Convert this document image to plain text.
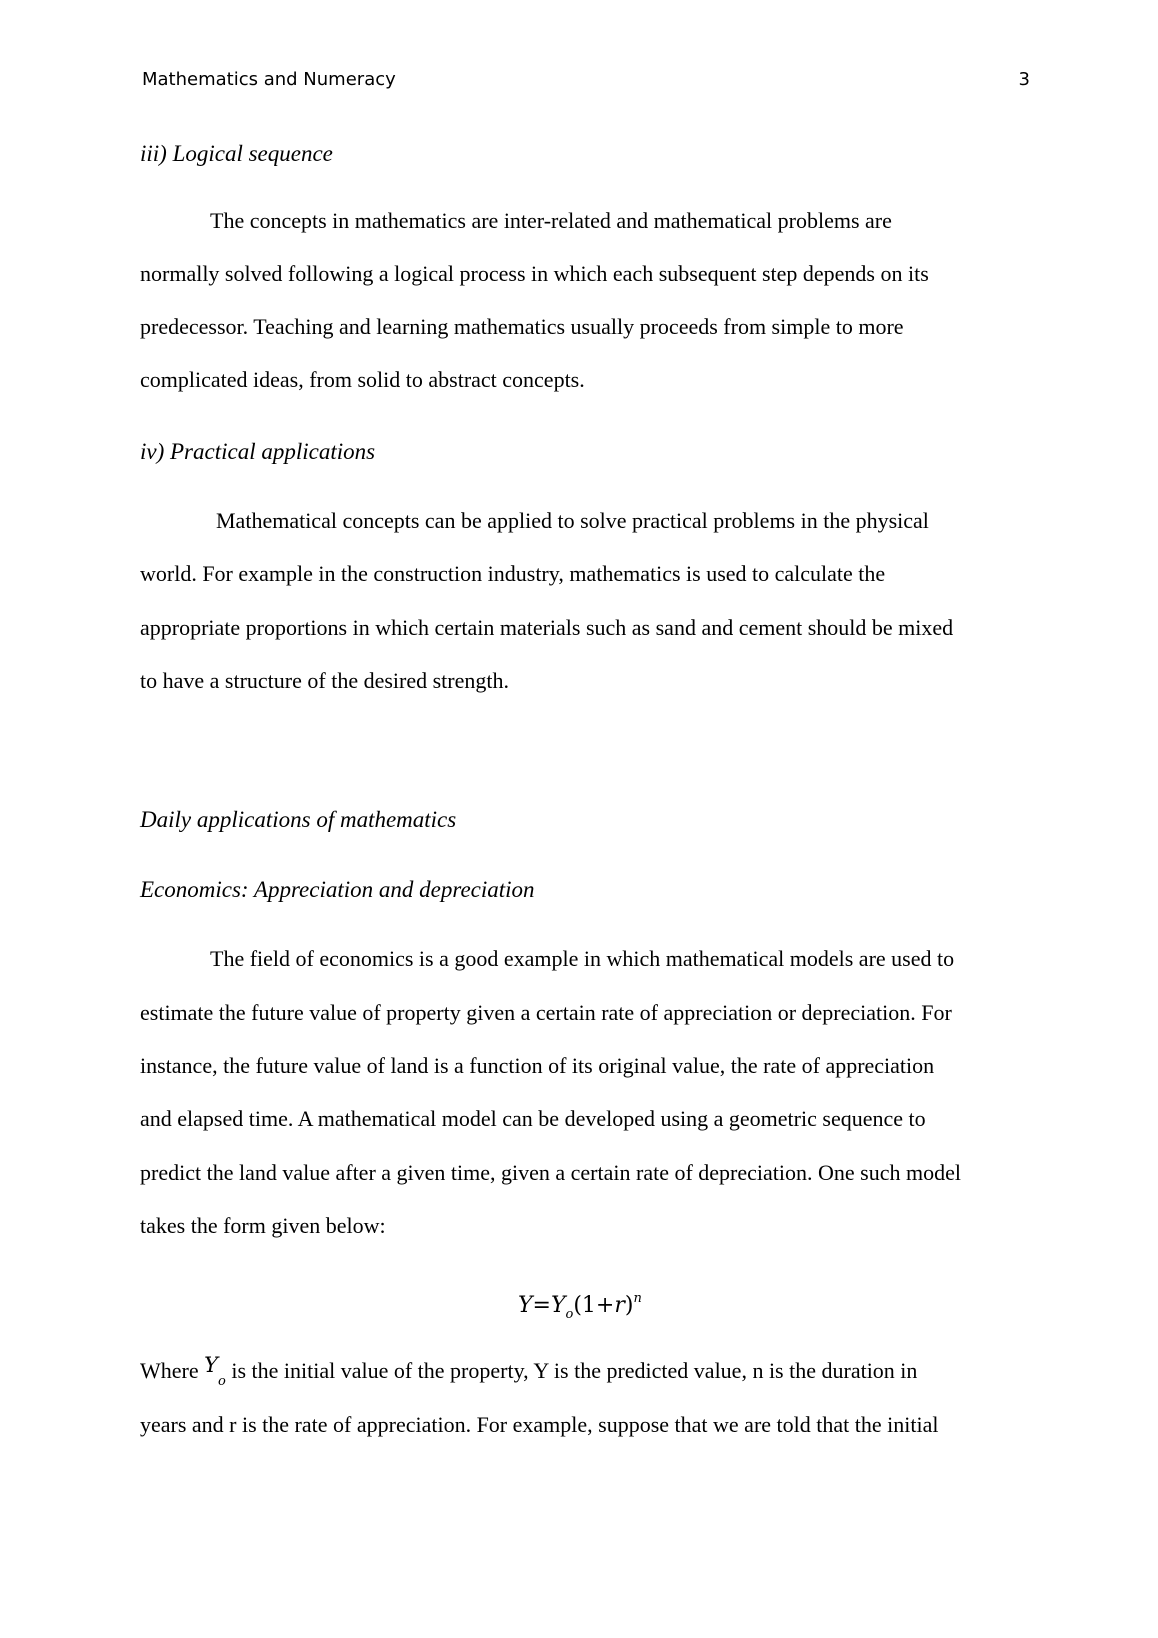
Mathematics and Numeracy	3
iii) Logical sequence
The concepts in mathematics are inter-related and mathematical problems are
normally solved following a logical process in which each subsequent step depends on its
predecessor. Teaching and learning mathematics usually proceeds from simple to more
complicated ideas, from solid to abstract concepts.
iv) Practical applications
Mathematical concepts can be applied to solve practical problems in the physical
world. For example in the construction industry, mathematics is used to calculate the
appropriate proportions in which certain materials such as sand and cement should be mixed
to have a structure of the desired strength.
Daily applications of mathematics
Economics: Appreciation and depreciation
The field of economics is a good example in which mathematical models are used to
estimate the future value of property given a certain rate of appreciation or depreciation. For
instance, the future value of land is a function of its original value, the rate of appreciation
and elapsed time. A mathematical model can be developed using a geometric sequence to
predict the land value after a given time, given a certain rate of depreciation. One such model
takes the form given below:
$Y=Y_o(1+r)^n$
Where $Y_o$ is the initial value of the property, Y is the predicted value, n is the duration in
years and r is the rate of appreciation. For example, suppose that we are told that the initial
